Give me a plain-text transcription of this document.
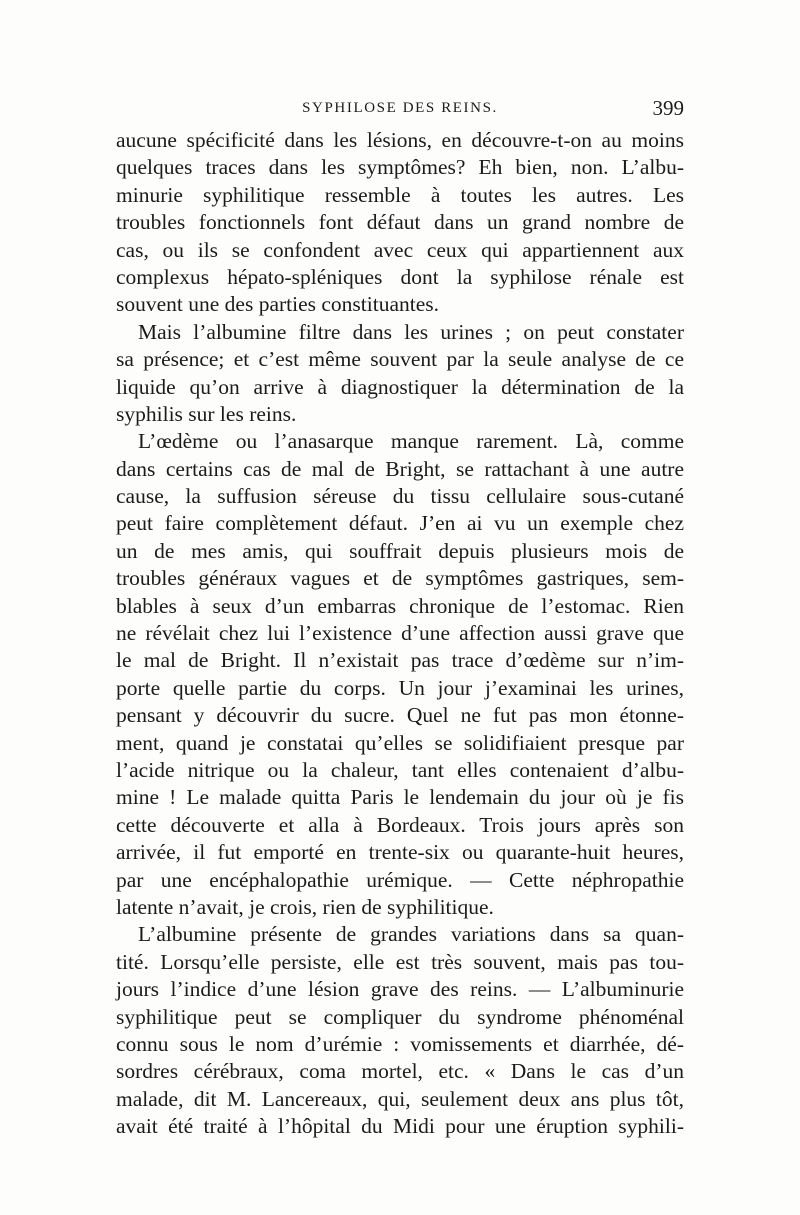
SYPHILOSE DES REINS.	399
aucune spécificité dans les lésions, en découvre-t-on au moins
quelques traces dans les symptômes? Eh bien, non. L’albu-
minurie syphilitique ressemble à toutes les autres. Les
troubles fonctionnels font défaut dans un grand nombre de
cas, ou ils se confondent avec ceux qui appartiennent aux
complexus hépato-spléniques dont la syphilose rénale est
souvent une des parties constituantes.
Mais l’albumine filtre dans les urines ; on peut constater
sa présence; et c’est même souvent par la seule analyse de ce
liquide qu’on arrive à diagnostiquer la détermination de la
syphilis sur les reins.
L’œdème ou l’anasarque manque rarement. Là, comme
dans certains cas de mal de Bright, se rattachant à une autre
cause, la suffusion séreuse du tissu cellulaire sous-cutané
peut faire complètement défaut. J’en ai vu un exemple chez
un de mes amis, qui souffrait depuis plusieurs mois de
troubles généraux vagues et de symptômes gastriques, sem-
blables à seux d’un embarras chronique de l’estomac. Rien
ne révélait chez lui l’existence d’une affection aussi grave que
le mal de Bright. Il n’existait pas trace d’œdème sur n’im-
porte quelle partie du corps. Un jour j’examinai les urines,
pensant y découvrir du sucre. Quel ne fut pas mon étonne-
ment, quand je constatai qu’elles se solidifiaient presque par
l’acide nitrique ou la chaleur, tant elles contenaient d’albu-
mine ! Le malade quitta Paris le lendemain du jour où je fis
cette découverte et alla à Bordeaux. Trois jours après son
arrivée, il fut emporté en trente-six ou quarante-huit heures,
par une encéphalopathie urémique. — Cette néphropathie
latente n’avait, je crois, rien de syphilitique.
L’albumine présente de grandes variations dans sa quan-
tité. Lorsqu’elle persiste, elle est très souvent, mais pas tou-
jours l’indice d’une lésion grave des reins. — L’albuminurie
syphilitique peut se compliquer du syndrome phénoménal
connu sous le nom d’urémie : vomissements et diarrhée, dé-
sordres cérébraux, coma mortel, etc. « Dans le cas d’un
malade, dit M. Lancereaux, qui, seulement deux ans plus tôt,
avait été traité à l’hôpital du Midi pour une éruption syphili-
